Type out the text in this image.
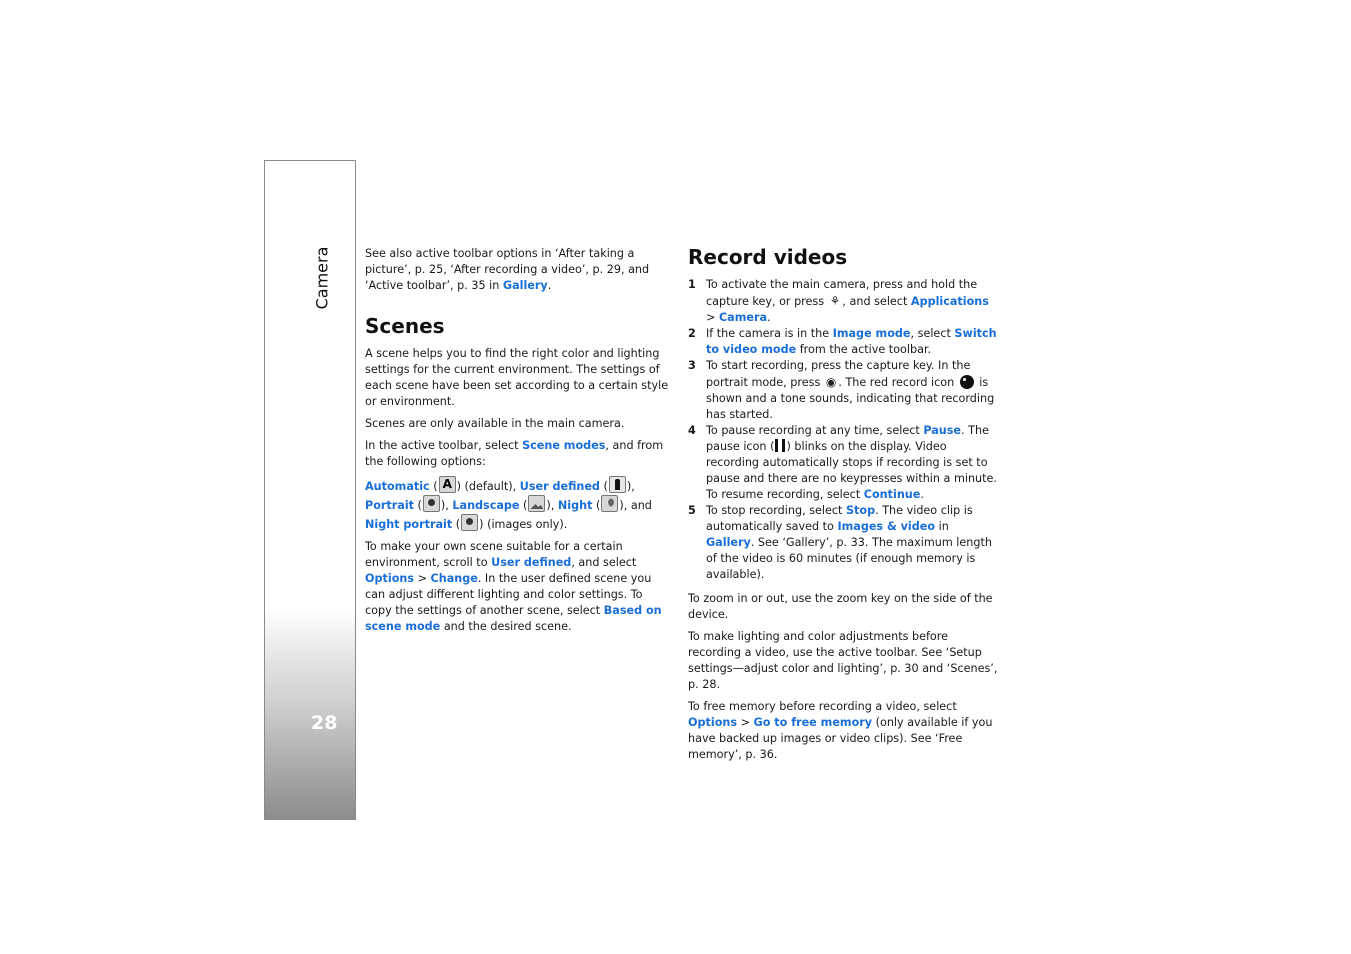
Camera
28

See also active toolbar options in ‘After taking a picture’, p. 25, ‘After recording a video’, p. 29, and ‘Active toolbar’, p. 35 in Gallery.

Scenes

A scene helps you to find the right color and lighting settings for the current environment. The settings of each scene have been set according to a certain style or environment.

Scenes are only available in the main camera.

In the active toolbar, select Scene modes, and from the following options:

Automatic (A ) (default), User defined ( ), Portrait ( ), Landscape ( ), Night ( ), and Night portrait ( ) (images only).

To make your own scene suitable for a certain environment, scroll to User defined, and select Options > Change. In the user defined scene you can adjust different lighting and color settings. To copy the settings of another scene, select Based on scene mode and the desired scene.

Record videos
1 To activate the main camera, press and hold the capture key, or press ⚘ , and select Applications > Camera.
2 If the camera is in the Image mode, select Switch to video mode from the active toolbar.
3 To start recording, press the capture key. In the portrait mode, press ◉ . The red record icon  is shown and a tone sounds, indicating that recording has started.
4 To pause recording at any time, select Pause. The pause icon ( ) blinks on the display. Video recording automatically stops if recording is set to pause and there are no keypresses within a minute. To resume recording, select Continue.
5 To stop recording, select Stop. The video clip is automatically saved to Images & video in Gallery. See ‘Gallery’, p. 33. The maximum length of the video is 60 minutes (if enough memory is available).

To zoom in or out, use the zoom key on the side of the device.

To make lighting and color adjustments before recording a video, use the active toolbar. See ‘Setup settings—adjust color and lighting’, p. 30 and ‘Scenes’, p. 28.

To free memory before recording a video, select Options > Go to free memory (only available if you have backed up images or video clips). See ‘Free memory’, p. 36.
